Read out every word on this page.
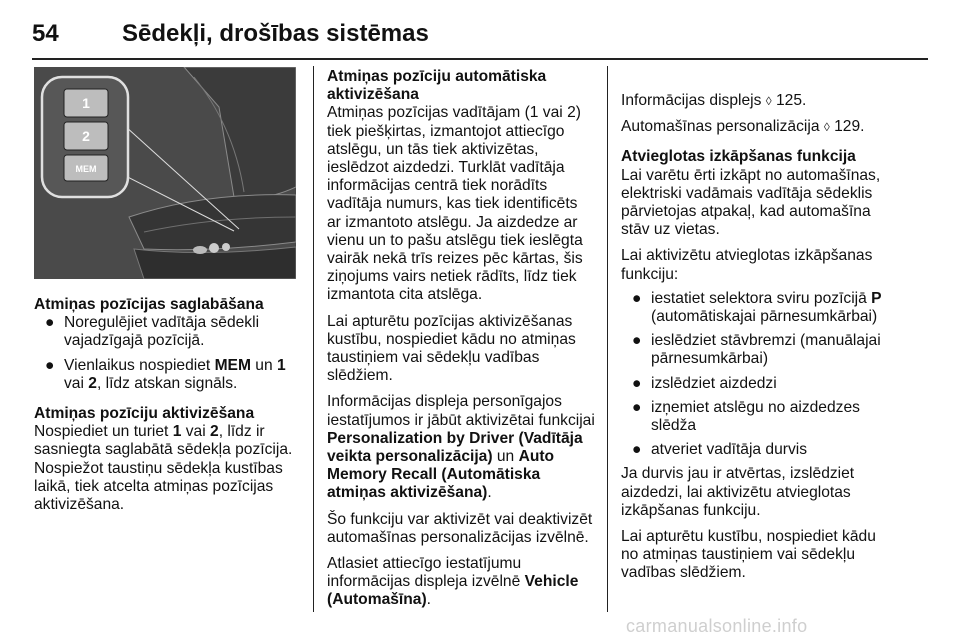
54	Sēdekļi, drošības sistēmas
1
2
MEM

Atmiņas pozīcijas saglabāšana

● Noregulējiet vadītāja sēdekli vajadzīgajā pozīcijā.
● Vienlaikus nospiediet MEM un 1 vai 2, līdz atskan signāls.

Atmiņas pozīciju aktivizēšana

Nospiediet un turiet 1 vai 2, līdz ir sasniegta saglabātā sēdekļa pozīcija. Nospiežot taustiņu sēdekļa kustības laikā, tiek atcelta atmiņas pozīcijas aktivizēšana.

Atmiņas pozīciju automātiska aktivizēšana

Atmiņas pozīcijas vadītājam (1 vai 2) tiek piešķirtas, izmantojot attiecīgo atslēgu, un tās tiek aktivizētas, ieslēdzot aizdedzi. Turklāt vadītāja informācijas centrā tiek norādīts vadītāja numurs, kas tiek identificēts ar izmantoto atslēgu. Ja aizdedze ar vienu un to pašu atslēgu tiek ieslēgta vairāk nekā trīs reizes pēc kārtas, šis ziņojums vairs netiek rādīts, līdz tiek izmantota cita atslēga.

Lai apturētu pozīcijas aktivizēšanas kustību, nospiediet kādu no atmiņas taustiņiem vai sēdekļu vadības slēdžiem.

Informācijas displeja personīgajos iestatījumos ir jābūt aktivizētai funkcijai Personalization by Driver (Vadītāja veikta personalizācija) un Auto Memory Recall (Automātiska atmiņas aktivizēšana).

Šo funkciju var aktivizēt vai deaktivizēt automašīnas personalizācijas izvēlnē.

Atlasiet attiecīgo iestatījumu informācijas displeja izvēlnē Vehicle (Automašīna).

Informācijas displejs ◊ 125.

Automašīnas personalizācija ◊ 129.

Atvieglotas izkāpšanas funkcija

Lai varētu ērti izkāpt no automašīnas, elektriski vadāmais vadītāja sēdeklis pārvietojas atpakaļ, kad automašīna stāv uz vietas.

Lai aktivizētu atvieglotas izkāpšanas funkciju:

● iestatiet selektora sviru pozīcijā P (automātiskajai pārnesumkārbai)
● ieslēdziet stāvbremzi (manuālajai pārnesumkārbai)
● izslēdziet aizdedzi
● izņemiet atslēgu no aizdedzes slēdža
● atveriet vadītāja durvis

Ja durvis jau ir atvērtas, izslēdziet aizdedzi, lai aktivizētu atvieglotas izkāpšanas funkciju.

Lai apturētu kustību, nospiediet kādu no atmiņas taustiņiem vai sēdekļu vadības slēdžiem.

carmanualsonline.info
